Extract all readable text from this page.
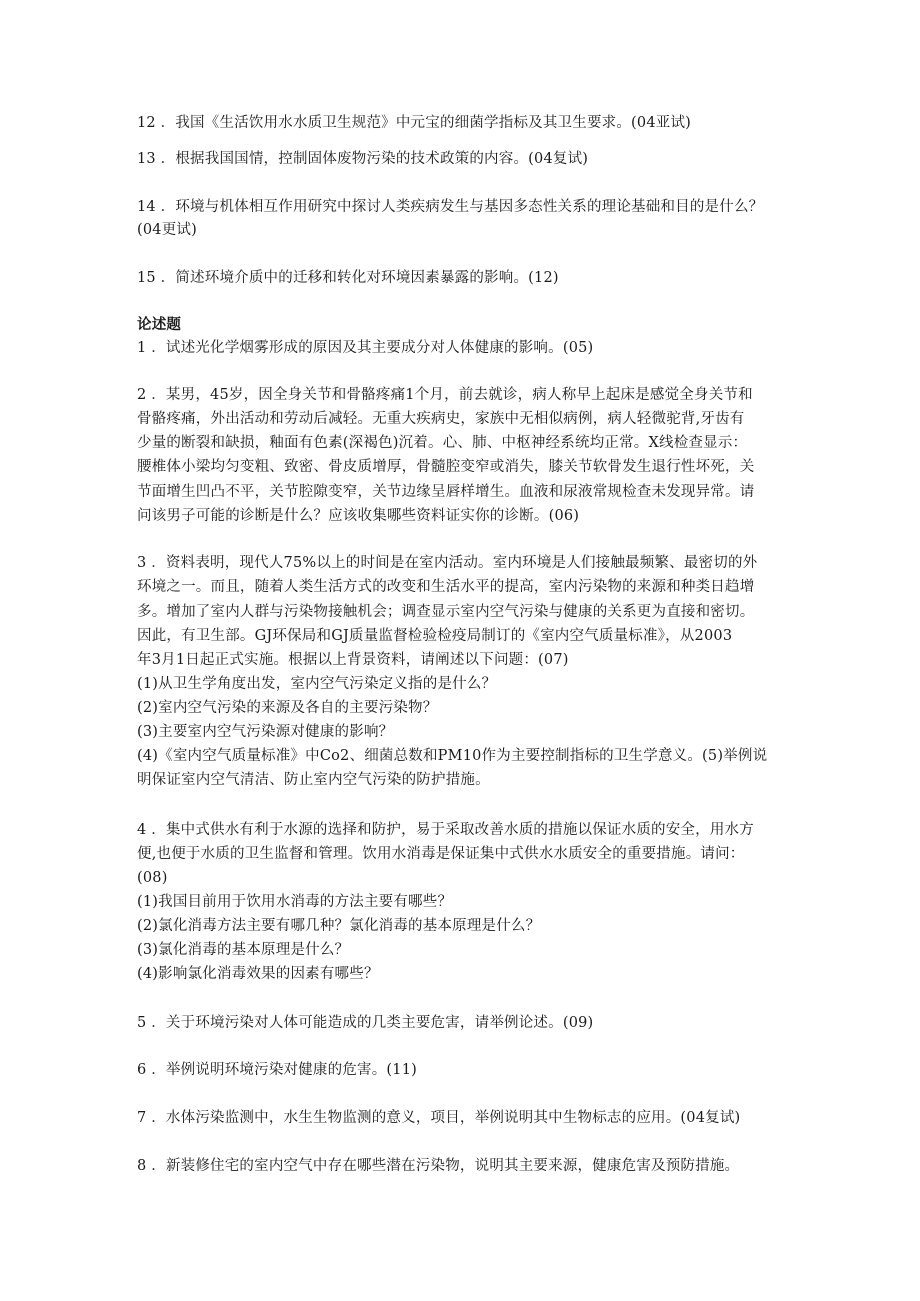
12 ．我国《生活饮用水水质卫生规范》中元宝的细菌学指标及其卫生要求。(04亚试)
13 ．根据我国国情，控制固体废物污染的技术政策的内容。(04复试)
14 ．环境与机体相互作用研究中探讨人类疾病发生与基因多态性关系的理论基础和目的是什么？
(04更试)
15 ．简述环境介质中的迁移和转化对环境因素暴露的影响。(12)
论述题
1 ．试述光化学烟雾形成的原因及其主要成分对人体健康的影响。(05)
2 ．某男，45岁，因全身关节和骨骼疼痛1个月，前去就诊，病人称早上起床是感觉全身关节和
骨骼疼痛，外出活动和劳动后减轻。无重大疾病史，家族中无相似病例，病人轻微驼背,牙齿有
少量的断裂和缺损，釉面有色素(深褐色)沉着。心、肺、中枢神经系统均正常。X线检查显示：
腰椎体小梁均匀变粗、致密、骨皮质增厚，骨髓腔变窄或消失，膝关节软骨发生退行性坏死，关
节面增生凹凸不平，关节腔隙变窄，关节边缘呈唇样增生。血液和尿液常规检查未发现异常。请
问该男子可能的诊断是什么？应该收集哪些资料证实你的诊断。(06)
3 ．资料表明，现代人75%以上的时间是在室内活动。室内环境是人们接触最频繁、最密切的外
环境之一。而且，随着人类生活方式的改变和生活水平的提高，室内污染物的来源和种类日趋增
多。增加了室内人群与污染物接触机会；调查显示室内空气污染与健康的关系更为直接和密切。
因此，有卫生部。GJ环保局和GJ质量监督检验检疫局制订的《室内空气质量标准》，从2003
年3月1日起正式实施。根据以上背景资料，请阐述以下问题：(07)
(1)从卫生学角度出发，室内空气污染定义指的是什么？
(2)室内空气污染的来源及各自的主要污染物？
(3)主要室内空气污染源对健康的影响？
(4)《室内空气质量标准》中Co2、细菌总数和PM10作为主要控制指标的卫生学意义。(5)举例说
明保证室内空气清洁、防止室内空气污染的防护措施。
4 ．集中式供水有利于水源的选择和防护，易于采取改善水质的措施以保证水质的安全，用水方
便,也便于水质的卫生监督和管理。饮用水消毒是保证集中式供水水质安全的重要措施。请问：
(08)
(1)我国目前用于饮用水消毒的方法主要有哪些？
(2)氯化消毒方法主要有哪几种？氯化消毒的基本原理是什么？
(3)氯化消毒的基本原理是什么？
(4)影响氯化消毒效果的因素有哪些？
5 ．关于环境污染对人体可能造成的几类主要危害，请举例论述。(09)
6 ．举例说明环境污染对健康的危害。(11)
7 ．水体污染监测中，水生生物监测的意义，项目，举例说明其中生物标志的应用。(04复试)
8 ．新装修住宅的室内空气中存在哪些潜在污染物，说明其主要来源，健康危害及预防措施。
